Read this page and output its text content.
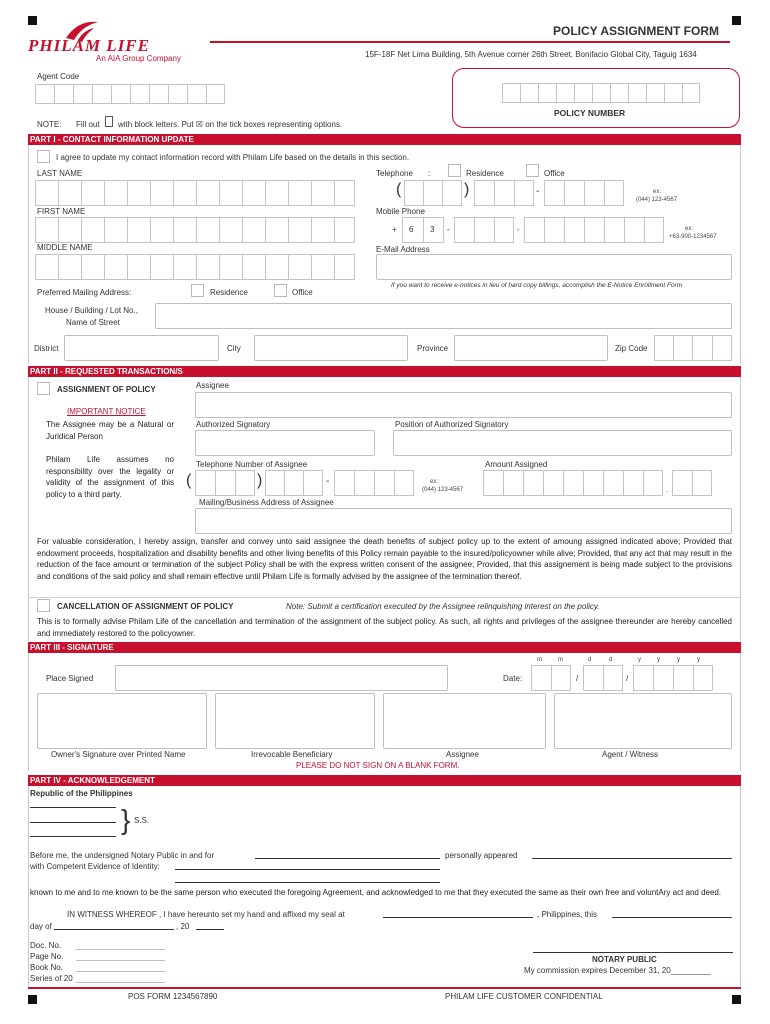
PHILAM LIFE
An AIA Group Company
POLICY ASSIGNMENT FORM
15F-18F Net Lima Building, 5th Avenue corner 26th Street, Bonifacio Global City, Taguig 1634
Agent Code
POLICY NUMBER
NOTE: Fill out with block letters. Put ☒ on the tick boxes representing options.
PART I - CONTACT INFORMATION UPDATE
I agree to update my contact information record with Philam Life based on the details in this section.
LAST NAME
FIRST NAME
MIDDLE NAME
Telephone :	Residence	Office
(	)	-	ex:
(044) 123-4567
Mobile Phone
+ 6 3 -	-	ex:
+63-900-1234567
E-Mail Address
If you want to receive e-notices in lieu of hard copy billings, accomplish the E-Notice Enrollment Form
Preferred Mailing Address:	Residence	Office
House / Building / Lot No.,
Name of Street
District	City	Province	Zip Code
PART II - REQUESTED TRANSACTION/S
ASSIGNMENT OF POLICY
IMPORTANT NOTICE
The Assignee may be a Natural or Juridical Person
Philam Life assumes no responsibility over the legality or validity of the assignment of this policy to a third party.
Assignee
Authorized Signatory	Position of Authorized Signatory
Telephone Number of Assignee
(	)	-	ex:
(044) 123-4567
Amount Assigned
.
Mailing/Business Address of Assignee
For valuable consideration, I hereby assign, transfer and convey unto said assignee the death benefits of subject policy up to the extent of amoung assigned indicated above; Provided that endowment proceeds, hospitalization and disability benefits and other living benefits of this Policy remain payable to the insured/policyowner while alive; Provided, that any act that may result in the reduction of the face amount or termination of the subject Policy shall be with the express written consent of the assignee; Provided, that this assignement is being made subject to the provisions and conditions of the said policy and shall remain effective until Philam Life is formally advised by the assignee of the termination thereof.
CANCELLATION OF ASSIGNMENT OF POLICY	Note: Submit a certification executed by the Assignee relinquishing interest on the policy.
This is to formally advise Philam Life of the cancellation and termination of the assignment of the subject policy. As such, all rights and privileges of the assignee thereunder are hereby cancelled and immediately restored to the policyowner.
PART III - SIGNATURE
m	m	d	d	y	y	y	y
Place Signed	Date:	/	/
Owner's Signature over Printed Name	Irrevocable Beneficiary	Assignee	Agent / Witness
PLEASE DO NOT SIGN ON A BLANK FORM.
PART IV - ACKNOWLEDGEMENT
Republic of the Philippines
} S.S.
Before me, the undersigned Notary Public in and for	personally appeared
with Competent Evidence of Identity:
known to me and to me known to be the same person who executed the foregoing Agreement, and acknowledged to me that they executed the same as their own free and voluntAry act and deed.
IN WITNESS WHEREOF , I have hereunto set my hand and affixed my seal at	, Philippines, this
day of	, 20
Doc. No. ____________________
Page No. ____________________
Book No. ____________________
Series of 20 ____________________
NOTARY PUBLIC
My commission expires December 31, 20_________
POS FORM 1234567890	PHILAM LIFE CUSTOMER CONFIDENTIAL
